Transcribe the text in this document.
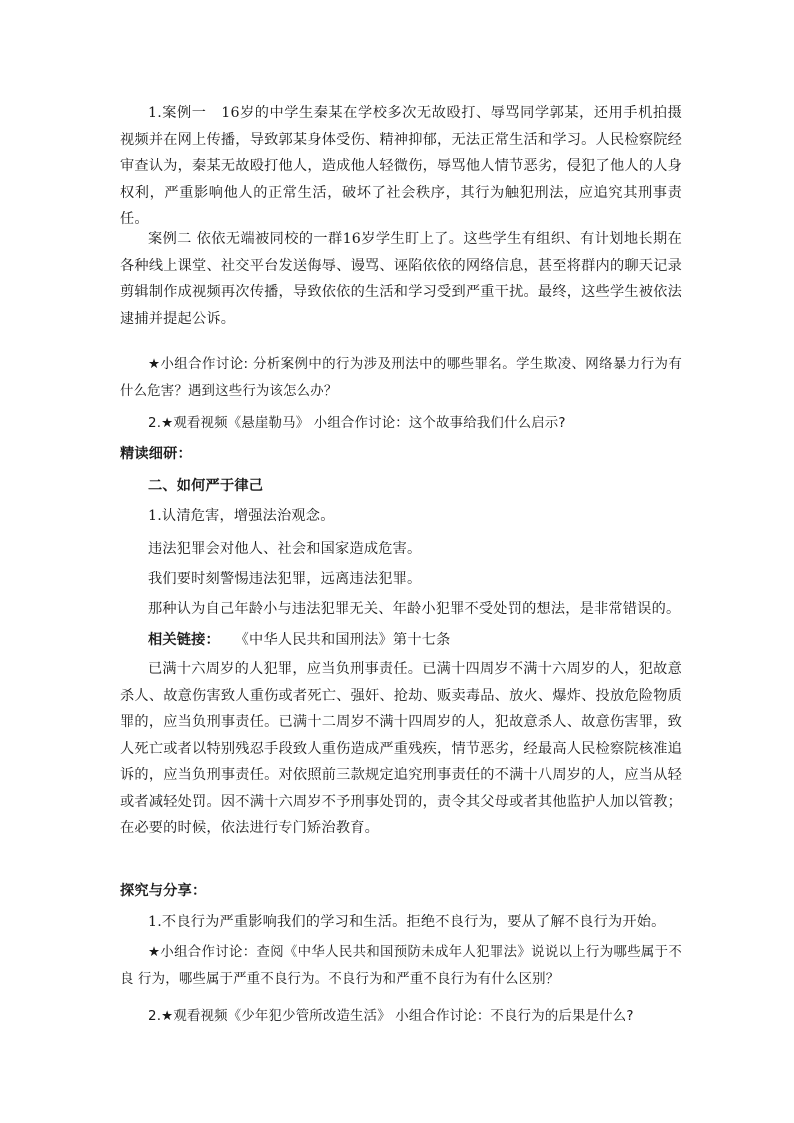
1.案例一　16岁的中学生秦某在学校多次无故殴打、辱骂同学郭某，还用手机拍摄视频并在网上传播，导致郭某身体受伤、精神抑郁，无法正常生活和学习。人民检察院经审查认为，秦某无故殴打他人，造成他人轻微伤，辱骂他人情节恶劣，侵犯了他人的人身权利，严重影响他人的正常生活，破坏了社会秩序，其行为触犯刑法，应追究其刑事责任。

案例二 依依无端被同校的一群16岁学生盯上了。这些学生有组织、有计划地长期在各种线上课堂、社交平台发送侮辱、谩骂、诬陷依依的网络信息，甚至将群内的聊天记录剪辑制作成视频再次传播，导致依依的生活和学习受到严重干扰。最终，这些学生被依法逮捕并提起公诉。

★小组合作讨论: 分析案例中的行为涉及刑法中的哪些罪名。学生欺凌、网络暴力行为有什么危害？遇到这些行为该怎么办？

2.★观看视频《悬崖勒马》 小组合作讨论：这个故事给我们什么启示?

精读细研：

二、如何严于律己

1.认清危害，增强法治观念。

违法犯罪会对他人、社会和国家造成危害。

我们要时刻警惕违法犯罪，远离违法犯罪。

那种认为自己年龄小与违法犯罪无关、年龄小犯罪不受处罚的想法，是非常错误的。

相关链接： 《中华人民共和国刑法》第十七条

已满十六周岁的人犯罪，应当负刑事责任。已满十四周岁不满十六周岁的人，犯故意杀人、故意伤害致人重伤或者死亡、强奸、抢劫、贩卖毒品、放火、爆炸、投放危险物质罪的，应当负刑事责任。已满十二周岁不满十四周岁的人，犯故意杀人、故意伤害罪，致人死亡或者以特别残忍手段致人重伤造成严重残疾，情节恶劣，经最高人民检察院核准追诉的，应当负刑事责任。对依照前三款规定追究刑事责任的不满十八周岁的人，应当从轻或者减轻处罚。因不满十六周岁不予刑事处罚的，责令其父母或者其他监护人加以管教；在必要的时候，依法进行专门矫治教育。

探究与分享：

1.不良行为严重影响我们的学习和生活。拒绝不良行为，要从了解不良行为开始。

★小组合作讨论：查阅《中华人民共和国预防未成年人犯罪法》说说以上行为哪些属于不良 行为，哪些属于严重不良行为。不良行为和严重不良行为有什么区别？

2.★观看视频《少年犯少管所改造生活》 小组合作讨论：不良行为的后果是什么?
